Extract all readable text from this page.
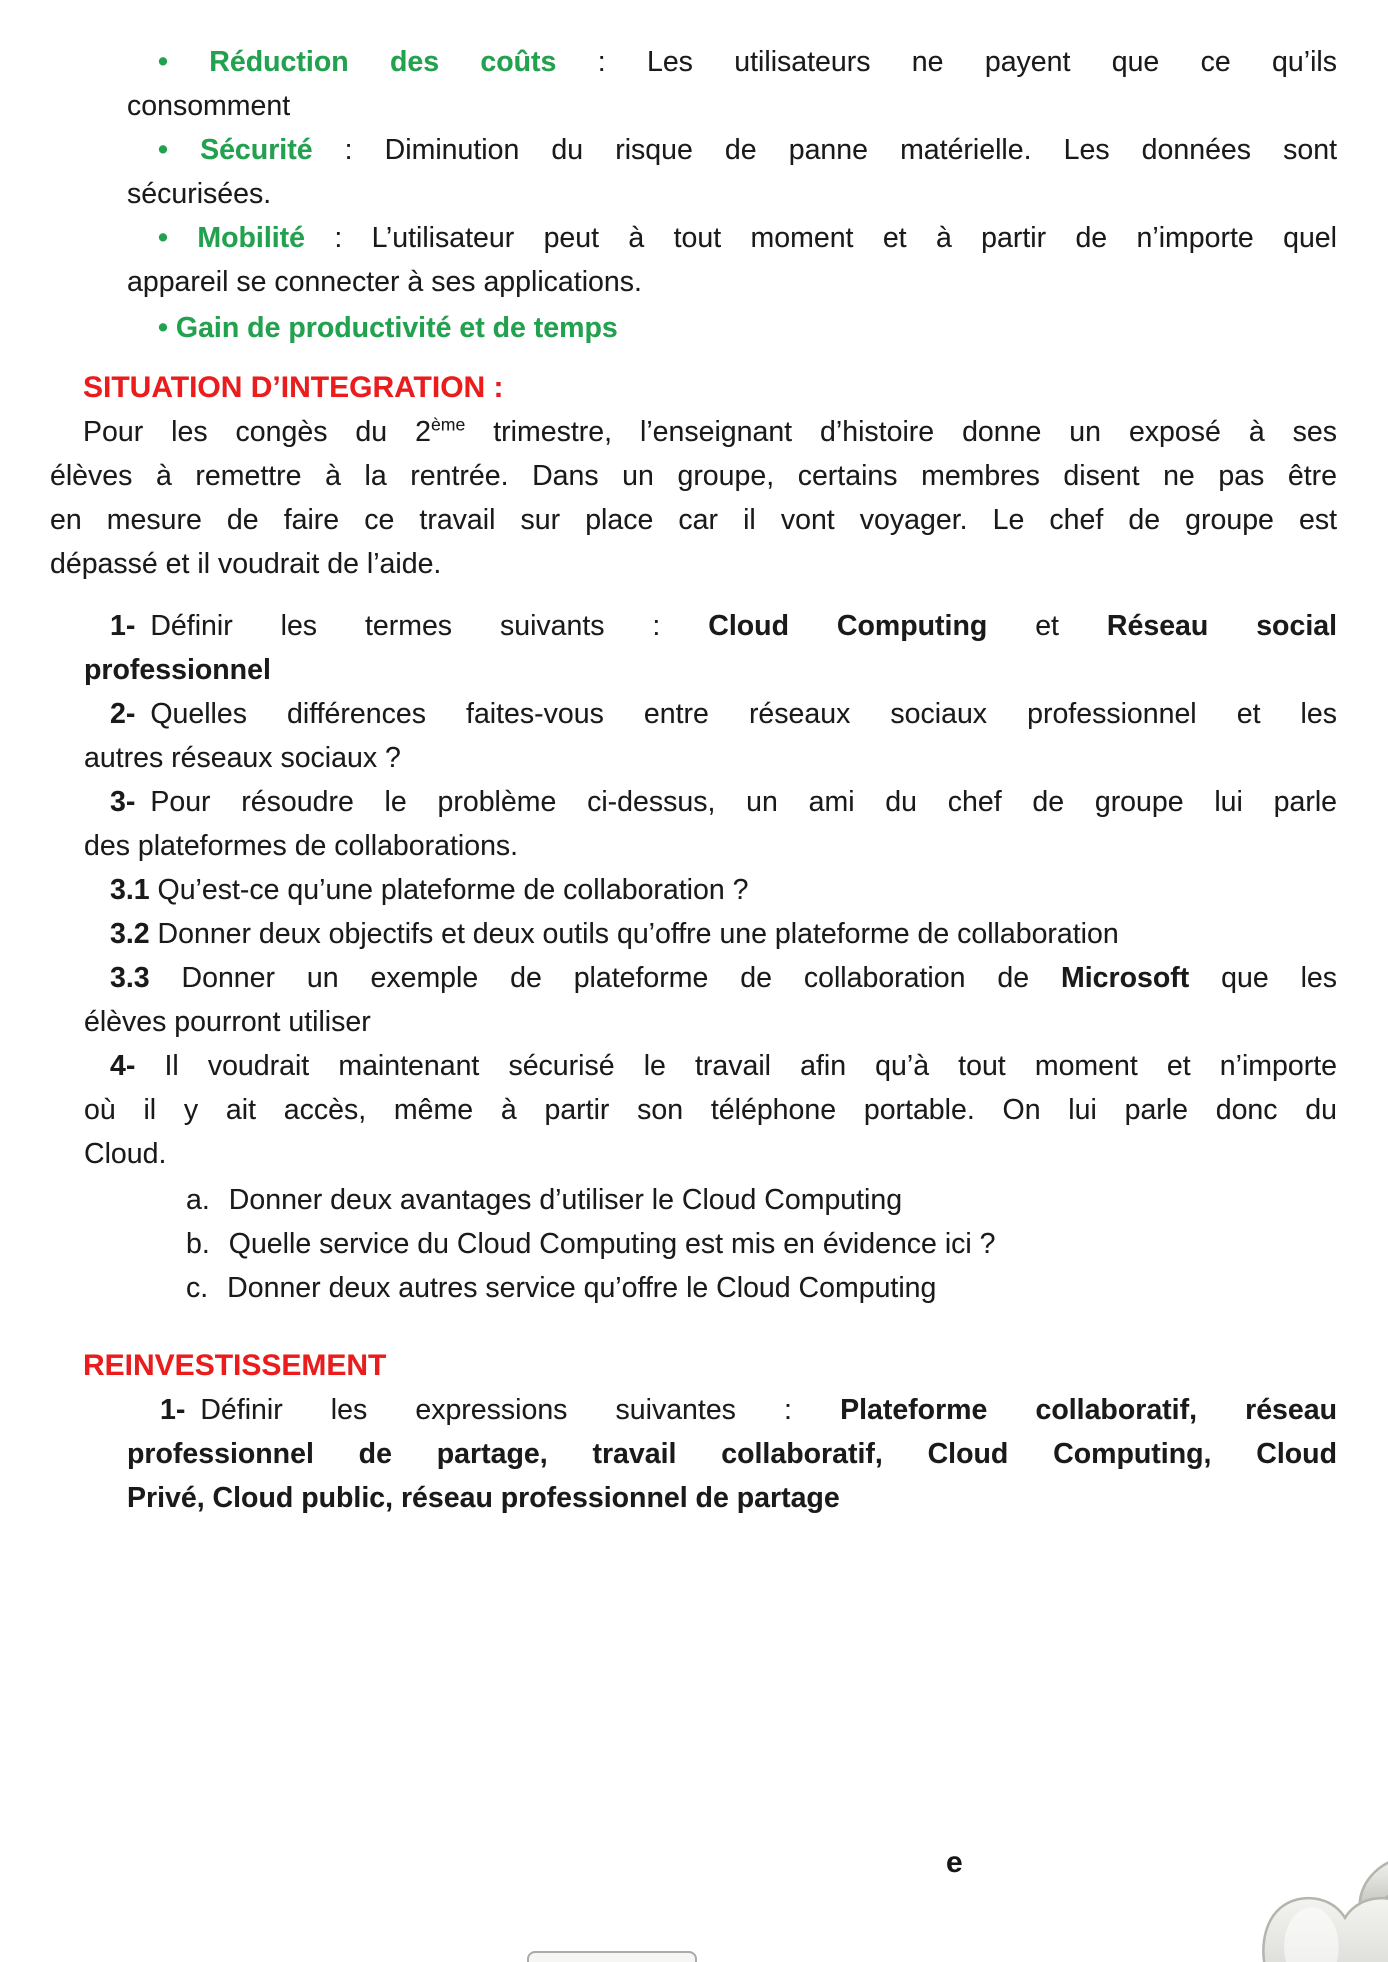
• Réduction des coûts : Les utilisateurs ne payent que ce qu’ils
consomment
• Sécurité : Diminution du risque de panne matérielle. Les données sont
sécurisées.
• Mobilité : L’utilisateur peut à tout moment et à partir de n’importe quel
appareil se connecter à ses applications.
• Gain de productivité et de temps
SITUATION D’INTEGRATION :
Pour les congès du 2ème trimestre, l’enseignant d’histoire donne un exposé à ses
élèves à remettre à la rentrée. Dans un groupe, certains membres disent ne pas être
en mesure de faire ce travail sur place car il vont voyager. Le chef de groupe est
dépassé et il voudrait de l’aide.
1- Définir les termes suivants : Cloud Computing et Réseau social
professionnel
2- Quelles différences faites-vous entre réseaux sociaux professionnel et les
autres réseaux sociaux ?
3- Pour résoudre le problème ci-dessus, un ami du chef de groupe lui parle
des plateformes de collaborations.
3.1 Qu’est-ce qu’une plateforme de collaboration ?
3.2 Donner deux objectifs et deux outils qu’offre une plateforme de collaboration
3.3 Donner un exemple de plateforme de collaboration de Microsoft que les
élèves pourront utiliser
4- Il voudrait maintenant sécurisé le travail afin qu’à tout moment et n’importe
où il y ait accès, même à partir son téléphone portable. On lui parle donc du
Cloud.
a. Donner deux avantages d’utiliser le Cloud Computing
b. Quelle service du Cloud Computing est mis en évidence ici ?
c. Donner deux autres service qu’offre le Cloud Computing
REINVESTISSEMENT
1- Définir les expressions suivantes : Plateforme collaboratif, réseau
professionnel de partage, travail collaboratif, Cloud Computing, Cloud
Privé, Cloud public, réseau professionnel de partage
e
